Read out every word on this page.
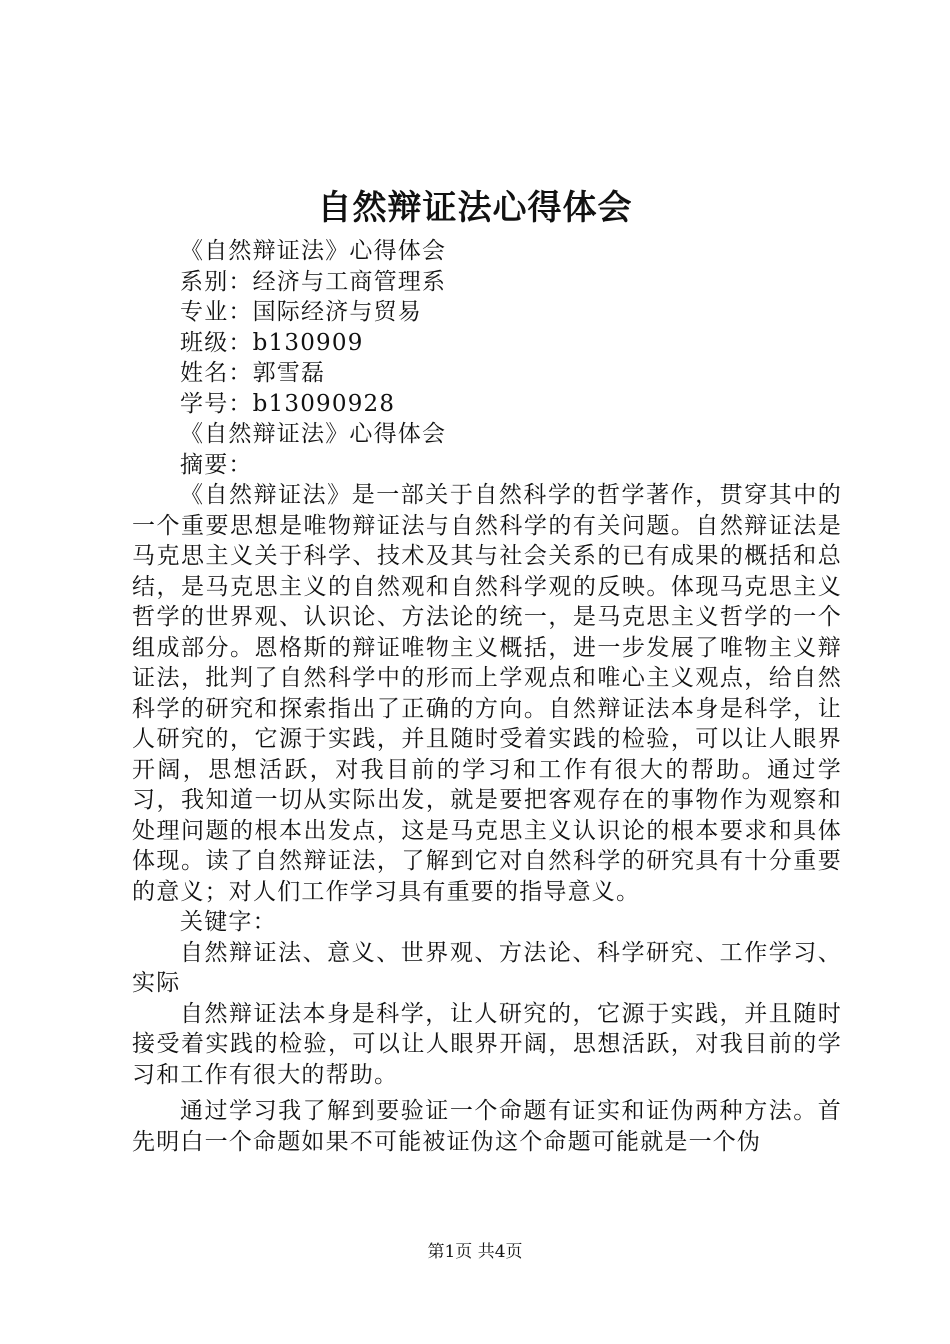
自然辩证法心得体会
《自然辩证法》心得体会
系别：经济与工商管理系
专业：国际经济与贸易
班级：b130909
姓名：郭雪磊
学号：b13090928
《自然辩证法》心得体会
摘要：

《自然辩证法》是一部关于自然科学的哲学著作，贯穿其中的一个重要思想是唯物辩证法与自然科学的有关问题。自然辩证法是马克思主义关于科学、技术及其与社会关系的已有成果的概括和总结，是马克思主义的自然观和自然科学观的反映。体现马克思主义哲学的世界观、认识论、方法论的统一，是马克思主义哲学的一个组成部分。恩格斯的辩证唯物主义概括，进一步发展了唯物主义辩证法，批判了自然科学中的形而上学观点和唯心主义观点，给自然科学的研究和探索指出了正确的方向。自然辩证法本身是科学，让人研究的，它源于实践，并且随时受着实践的检验，可以让人眼界开阔，思想活跃，对我目前的学习和工作有很大的帮助。通过学习，我知道一切从实际出发，就是要把客观存在的事物作为观察和处理问题的根本出发点，这是马克思主义认识论的根本要求和具体体现。读了自然辩证法，了解到它对自然科学的研究具有十分重要的意义；对人们工作学习具有重要的指导意义。

关键字：

自然辩证法、意义、世界观、方法论、科学研究、工作学习、实际

自然辩证法本身是科学，让人研究的，它源于实践，并且随时接受着实践的检验，可以让人眼界开阔，思想活跃，对我目前的学习和工作有很大的帮助。

通过学习我了解到要验证一个命题有证实和证伪两种方法。首先明白一个命题如果不可能被证伪这个命题可能就是一个伪

第1页 共4页
